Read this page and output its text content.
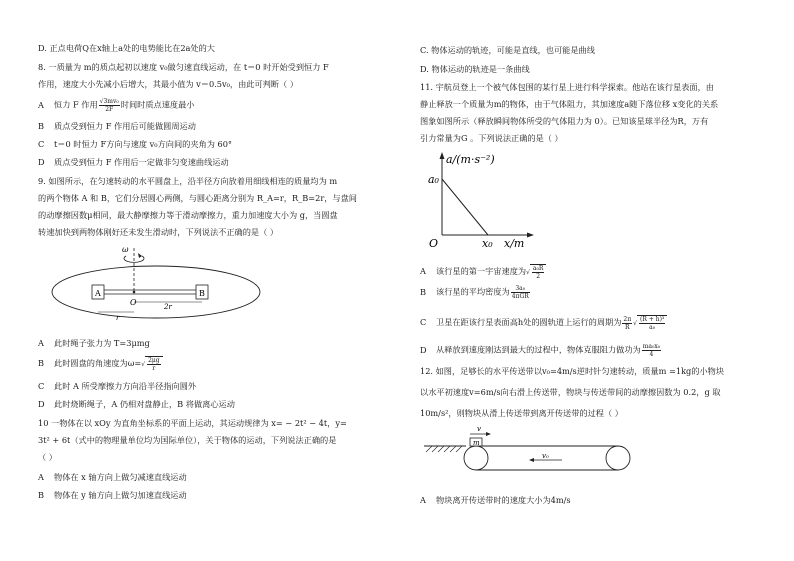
D. 正点电荷Q在x轴上a处的电势能比在2a处的大
8. 一质量为 m的质点起初以速度 v₀做匀速直线运动，在 t＝0 时开始受到恒力 F
作用，速度大小先减小后增大，其最小值为 v＝0.5v₀，由此可判断（ ）
A 恒力 F 作用 $\frac{\text{√3mv₀}}{2F}$ 时间时质点速度最小
B 质点受到恒力 F 作用后可能做圆周运动
C t＝0 时恒力 F方向与速度 v₀方向间的夹角为 60°
D 质点受到恒力 F 作用后一定做非匀变速曲线运动
9. 如图所示，在匀速转动的水平圆盘上，沿半径方向放着用细线相连的质量均为 m
的两个物体 A 和 B，它们分居圆心两侧，与圆心距离分别为 R_A=r，R_B=2r，与盘间
的动摩擦因数μ相同，最大静摩擦力等于滑动摩擦力，重力加速度大小为 g，当圆盘
转速加快到两物体刚好还未发生滑动时，下列说法不正确的是（ ）
ω
A	B
O
r
2r
A 此时绳子张力为 T=3μmg
B 此时圆盘的角速度为$\omega=√ \frac{2\mu g}{r}$
C 此时 A 所受摩擦力方向沿半径指向圆外
D 此时烧断绳子，A 仍相对盘静止，B 将做离心运动
10 一物体在以 xOy 为直角坐标系的平面上运动，其运动规律为 x= − 2t² − 4t，y=
3t² + 6t（式中的物理量单位均为国际单位），关于物体的运动，下列说法正确的是
（ ）
A 物体在 x 轴方向上做匀减速直线运动
B 物体在 y 轴方向上做匀加速直线运动
C. 物体运动的轨迹，可能是直线，也可能是曲线
D. 物体运动的轨迹是一条曲线
11. 宇航员登上一个被气体包围的某行星上进行科学探索。他站在该行星表面，由
静止释放一个质量为m的物体，由于气体阻力，其加速度a随下落位移 x变化的关系
图象如图所示（释放瞬间物体所受的气体阻力为 0）。已知该星球半径为R，万有
引力常量为G 。下列说法正确的是（ ）
a/(m·s⁻²)
a₀
O	x₀ x/m
A 该行星的第一宇宙速度为√ $\frac{\text{a₀R}}{2}$
B 该行星的平均密度为 $\frac{\text{3a₀}}{\text{4πGR}}$
C 卫星在距该行星表面高h处的圆轨道上运行的周期为 $\frac{2\pi}{R}$ √ $\frac{\text{(R + h)³}}{\text{a₀}}$
D 从释放到速度刚达到最大的过程中，物体克服阻力做功为 $\frac{\text{ma₀x₀}}{4}$
12. 如图，足够长的水平传送带以v₀=4m/s逆时针匀速转动，质量m =1kg的小物块
以水平初速度v=6m/s向右滑上传送带，物块与传送带间的动摩擦因数为 0.2，g 取
10m/s²，则物块从滑上传送带到离开传送带的过程（ ）
m
v
v₀
A 物块离开传送带时的速度大小为4m/s
